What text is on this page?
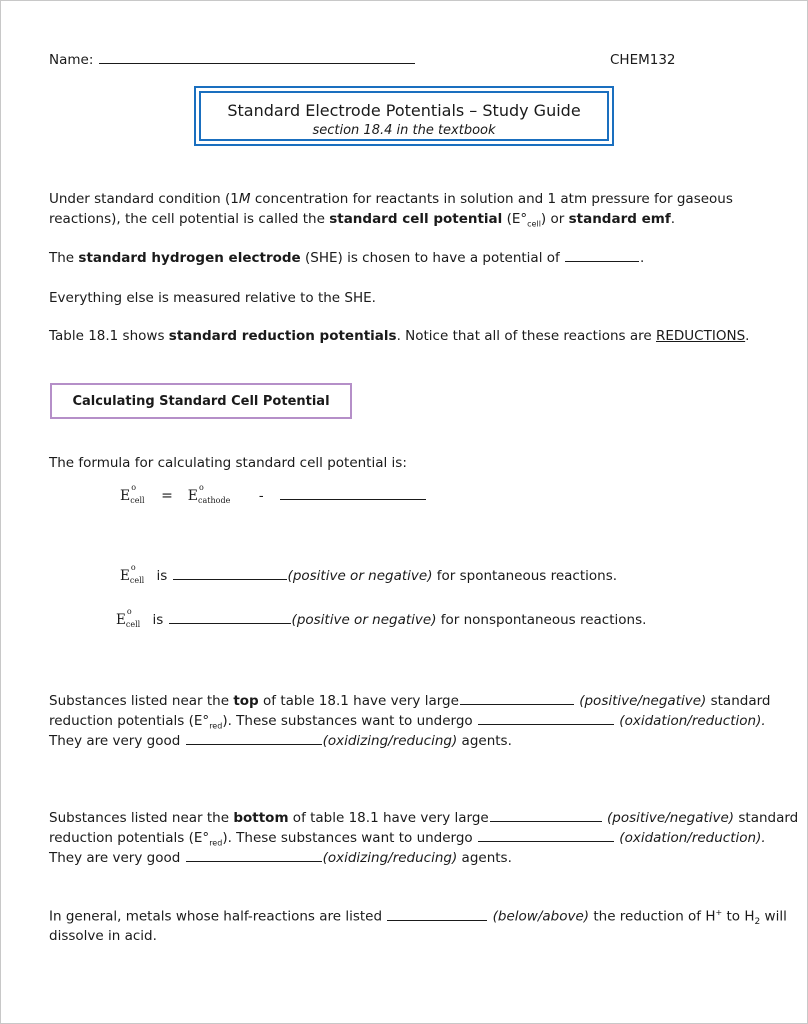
Name:	CHEM132
Standard Electrode Potentials – Study Guide
section 18.4 in the textbook
Under standard condition (1M concentration for reactants in solution and 1 atm pressure for gaseous
reactions), the cell potential is called the standard cell potential $(E^\circ_{cell})$ or standard emf.
The standard hydrogen electrode (SHE) is chosen to have a potential of	.
Everything else is measured relative to the SHE.
Table 18.1 shows standard reduction potentials. Notice that all of these reactions are REDUCTIONS.
Calculating Standard Cell Potential
The formula for calculating standard cell potential is:
E
o
cell = E
o
cathode -
E
o
cell is	(positive or negative) for spontaneous reactions.
E
o
cell is	(positive or negative) for nonspontaneous reactions.
Substances listed near the top of table 18.1 have very large	(positive/negative) standard
reduction potentials $(E^\circ_{red})$. These substances want to undergo	(oxidation/reduction).
They are very good	(oxidizing/reducing) agents.
Substances listed near the bottom of table 18.1 have very large	(positive/negative) standard
reduction potentials $(E^\circ_{red})$. These substances want to undergo	(oxidation/reduction).
They are very good	(oxidizing/reducing) agents.
In general, metals whose half-reactions are listed	(below/above) the reduction of H+ to $H_2$ will
dissolve in acid.
